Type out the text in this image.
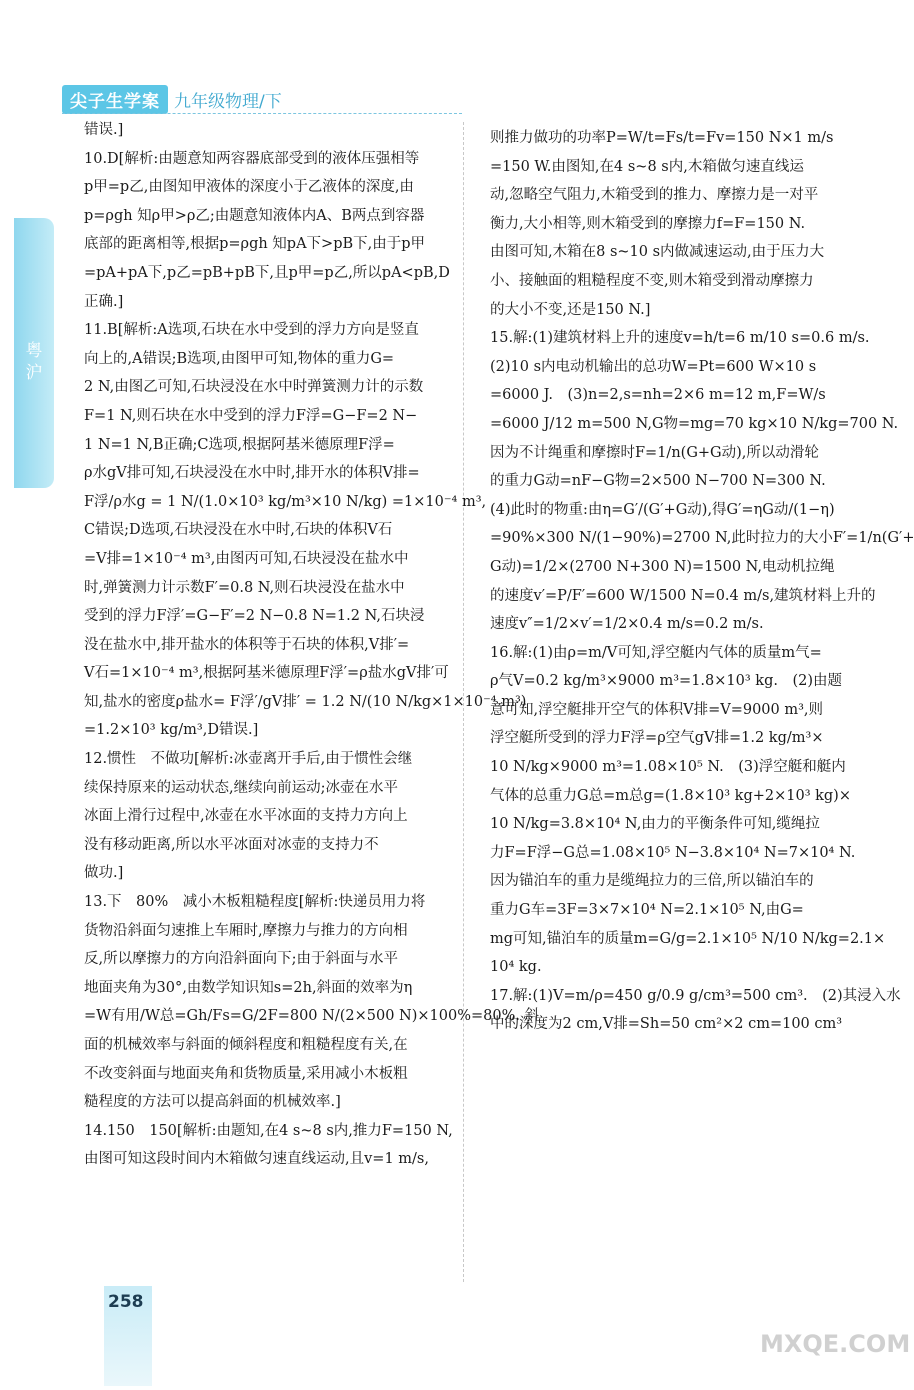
尖子生学案 九年级物理/下
粤沪
错误.]
10.D[解析:由题意知两容器底部受到的液体压强相等
p甲=p乙,由图知甲液体的深度小于乙液体的深度,由
p=ρgh 知ρ甲>ρ乙;由题意知液体内A、B两点到容器
底部的距离相等,根据p=ρgh 知pA下>pB下,由于p甲
=pA+pA下,p乙=pB+pB下,且p甲=p乙,所以pA<pB,D
正确.]
11.B[解析:A选项,石块在水中受到的浮力方向是竖直
向上的,A错误;B选项,由图甲可知,物体的重力G=
2 N,由图乙可知,石块浸没在水中时弹簧测力计的示数
F=1 N,则石块在水中受到的浮力F浮=G−F=2 N−
1 N=1 N,B正确;C选项,根据阿基米德原理F浮=
ρ水gV排可知,石块浸没在水中时,排开水的体积V排=
F浮/ρ水g = 1 N/(1.0×10³ kg/m³×10 N/kg) =1×10⁻⁴ m³,
C错误;D选项,石块浸没在水中时,石块的体积V石
=V排=1×10⁻⁴ m³,由图丙可知,石块浸没在盐水中
时,弹簧测力计示数F′=0.8 N,则石块浸没在盐水中
受到的浮力F浮′=G−F′=2 N−0.8 N=1.2 N,石块浸
没在盐水中,排开盐水的体积等于石块的体积,V排′=
V石=1×10⁻⁴ m³,根据阿基米德原理F浮′=ρ盐水gV排′可
知,盐水的密度ρ盐水= F浮′/gV排′ = 1.2 N/(10 N/kg×1×10⁻⁴ m³)
=1.2×10³ kg/m³,D错误.]
12.惯性　不做功[解析:冰壶离开手后,由于惯性会继
续保持原来的运动状态,继续向前运动;冰壶在水平
冰面上滑行过程中,冰壶在水平冰面的支持力方向上
没有移动距离,所以水平冰面对冰壶的支持力不
做功.]
13.下　80%　减小木板粗糙程度[解析:快递员用力将
货物沿斜面匀速推上车厢时,摩擦力与推力的方向相
反,所以摩擦力的方向沿斜面向下;由于斜面与水平
地面夹角为30°,由数学知识知s=2h,斜面的效率为η
=W有用/W总=Gh/Fs=G/2F=800 N/(2×500 N)×100%=80%. 斜
面的机械效率与斜面的倾斜程度和粗糙程度有关,在
不改变斜面与地面夹角和货物质量,采用减小木板粗
糙程度的方法可以提高斜面的机械效率.]
14.150　150[解析:由题知,在4 s~8 s内,推力F=150 N,
由图可知这段时间内木箱做匀速直线运动,且v=1 m/s,
则推力做功的功率P=W/t=Fs/t=Fv=150 N×1 m/s
=150 W.由图知,在4 s~8 s内,木箱做匀速直线运
动,忽略空气阻力,木箱受到的推力、摩擦力是一对平
衡力,大小相等,则木箱受到的摩擦力f=F=150 N.
由图可知,木箱在8 s~10 s内做减速运动,由于压力大
小、接触面的粗糙程度不变,则木箱受到滑动摩擦力
的大小不变,还是150 N.]
15.解:(1)建筑材料上升的速度v=h/t=6 m/10 s=0.6 m/s.
(2)10 s内电动机输出的总功W=Pt=600 W×10 s
=6000 J.　(3)n=2,s=nh=2×6 m=12 m,F=W/s
=6000 J/12 m=500 N,G物=mg=70 kg×10 N/kg=700 N.
因为不计绳重和摩擦时F=1/n(G+G动),所以动滑轮
的重力G动=nF−G物=2×500 N−700 N=300 N.
(4)此时的物重:由η=G′/(G′+G动),得G′=ηG动/(1−η)
=90%×300 N/(1−90%)=2700 N,此时拉力的大小F′=1/n(G′+
G动)=1/2×(2700 N+300 N)=1500 N,电动机拉绳
的速度v′=P/F′=600 W/1500 N=0.4 m/s,建筑材料上升的
速度v″=1/2×v′=1/2×0.4 m/s=0.2 m/s.
16.解:(1)由ρ=m/V可知,浮空艇内气体的质量m气=
ρ气V=0.2 kg/m³×9000 m³=1.8×10³ kg.　(2)由题
意可知,浮空艇排开空气的体积V排=V=9000 m³,则
浮空艇所受到的浮力F浮=ρ空气gV排=1.2 kg/m³×
10 N/kg×9000 m³=1.08×10⁵ N.　(3)浮空艇和艇内
气体的总重力G总=m总g=(1.8×10³ kg+2×10³ kg)×
10 N/kg=3.8×10⁴ N,由力的平衡条件可知,缆绳拉
力F=F浮−G总=1.08×10⁵ N−3.8×10⁴ N=7×10⁴ N.
因为锚泊车的重力是缆绳拉力的三倍,所以锚泊车的
重力G车=3F=3×7×10⁴ N=2.1×10⁵ N,由G=
mg可知,锚泊车的质量m=G/g=2.1×10⁵ N/10 N/kg=2.1×
10⁴ kg.
17.解:(1)V=m/ρ=450 g/0.9 g/cm³=500 cm³.　(2)其浸入水
中的深度为2 cm,V排=Sh=50 cm²×2 cm=100 cm³
258
MXQE.COM
